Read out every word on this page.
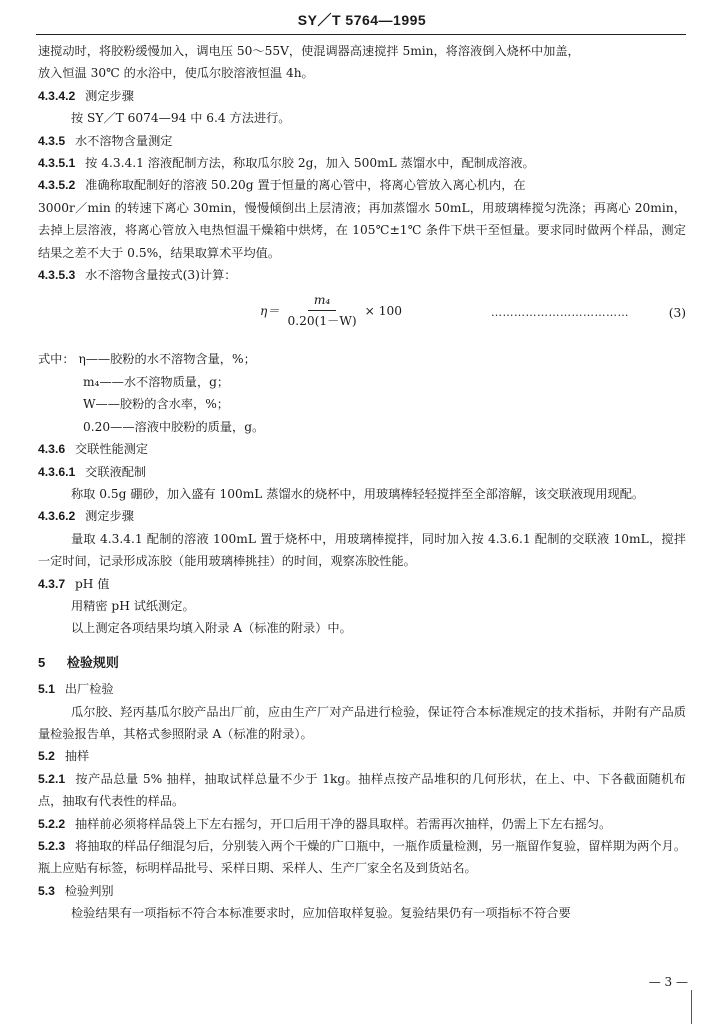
SY／T 5764—1995

速搅动时，将胶粉缓慢加入，调电压 50～55V，使混调器高速搅拌 5min，将溶液倒入烧杯中加盖，

放入恒温 30℃ 的水浴中，使瓜尔胶溶液恒温 4h。

4.3.4.2 测定步骤

按 SY／T 6074—94 中 6.4 方法进行。

4.3.5 水不溶物含量测定

4.3.5.1 按 4.3.4.1 溶液配制方法，称取瓜尔胶 2g，加入 500mL 蒸馏水中，配制成溶液。

4.3.5.2 准确称取配制好的溶液 50.20g 置于恒量的离心管中，将离心管放入离心机内，在

3000r／min 的转速下离心 30min，慢慢倾倒出上层清液；再加蒸馏水 50mL，用玻璃棒搅匀洗涤；再离心 20min，去掉上层溶液，将离心管放入电热恒温干燥箱中烘烤，在 105℃±1℃ 条件下烘干至恒量。要求同时做两个样品，测定结果之差不大于 0.5%，结果取算术平均值。

4.3.5.3 水不溶物含量按式(3)计算：

$\eta= \frac{\text{m₄}}{0.20(1-W)} \times 100$	………………………………	(3)

式中： η——胶粉的水不溶物含量，%；

m₄——水不溶物质量，g；

W——胶粉的含水率，%；

0.20——溶液中胶粉的质量，g。

4.3.6 交联性能测定

4.3.6.1 交联液配制

称取 0.5g 硼砂，加入盛有 100mL 蒸馏水的烧杯中，用玻璃棒轻轻搅拌至全部溶解，该交联液现用现配。

4.3.6.2 测定步骤

量取 4.3.4.1 配制的溶液 100mL 置于烧杯中，用玻璃棒搅拌，同时加入按 4.3.6.1 配制的交联液 10mL，搅拌一定时间，记录形成冻胶（能用玻璃棒挑挂）的时间，观察冻胶性能。

4.3.7 pH 值

用精密 pH 试纸测定。

以上测定各项结果均填入附录 A（标准的附录）中。

5 检验规则

5.1 出厂检验

瓜尔胶、羟丙基瓜尔胶产品出厂前，应由生产厂对产品进行检验，保证符合本标准规定的技术指标，并附有产品质量检验报告单，其格式参照附录 A（标准的附录）。

5.2 抽样

5.2.1 按产品总量 5% 抽样，抽取试样总量不少于 1kg。抽样点按产品堆积的几何形状，在上、中、下各截面随机布点，抽取有代表性的样品。

5.2.2 抽样前必须将样品袋上下左右摇匀，开口后用干净的器具取样。若需再次抽样，仍需上下左右摇匀。

5.2.3 将抽取的样品仔细混匀后，分别装入两个干燥的广口瓶中，一瓶作质量检测，另一瓶留作复验，留样期为两个月。瓶上应贴有标签，标明样品批号、采样日期、采样人、生产厂家全名及到货站名。

5.3 检验判别

检验结果有一项指标不符合本标准要求时，应加倍取样复验。复验结果仍有一项指标不符合要

— 3 —
